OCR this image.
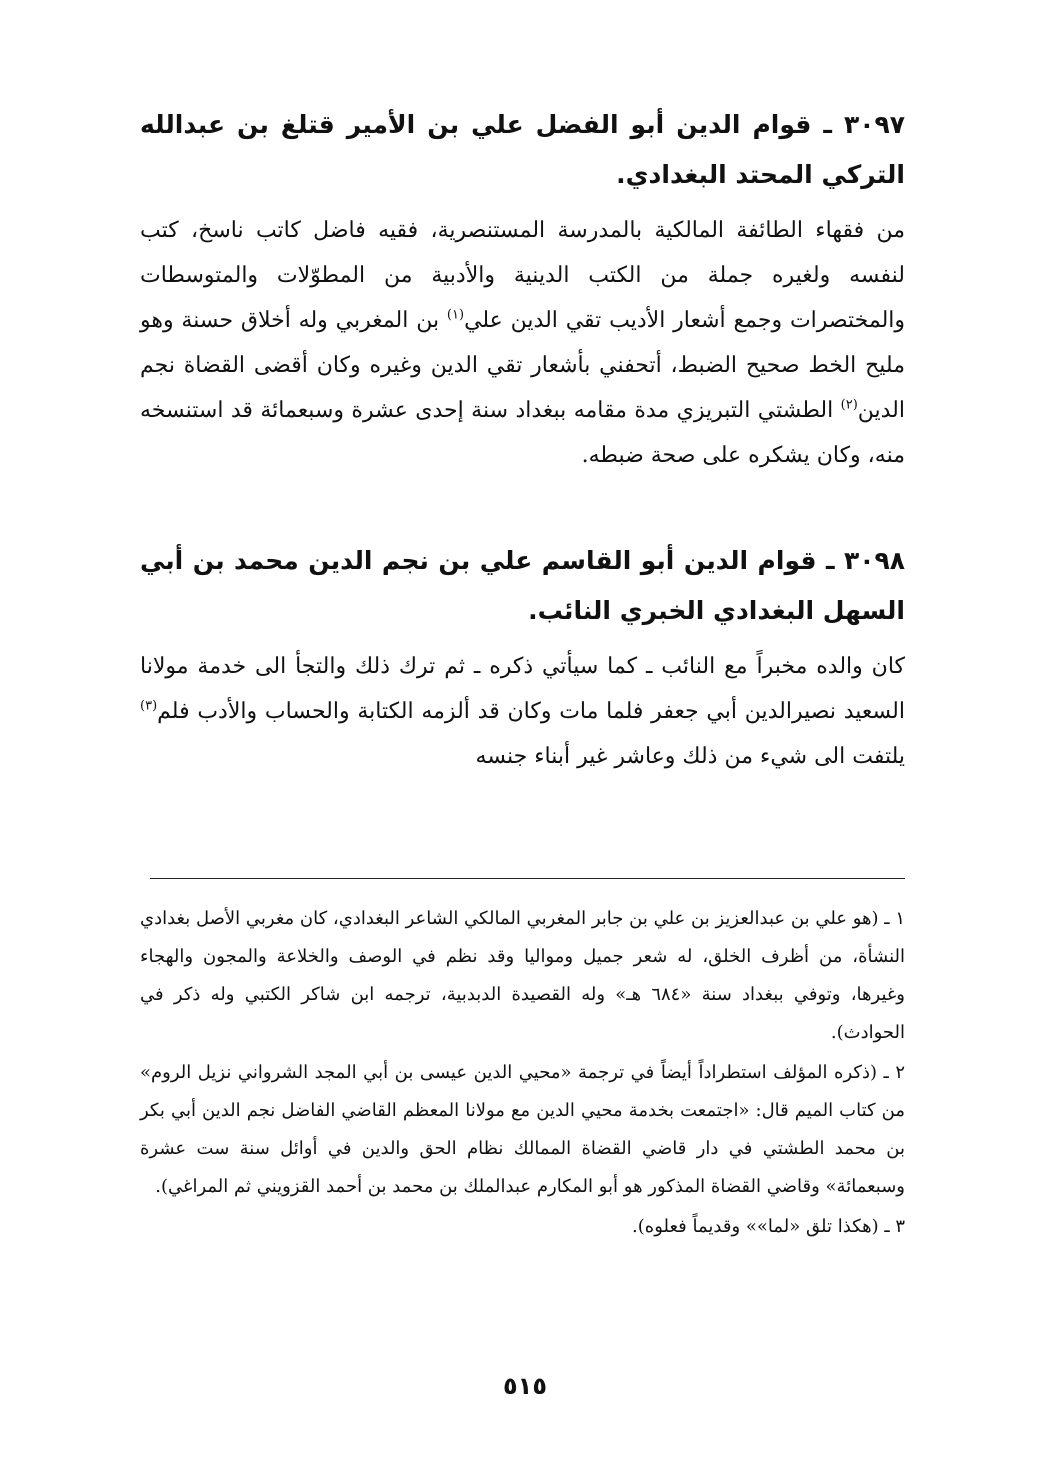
٣٠٩٧ ـ قوام الدين أبو الفضل علي بن الأمير قتلغ بن عبدالله التركي المحتد البغدادي.

من فقهاء الطائفة المالكية بالمدرسة المستنصرية، فقيه فاضل كاتب ناسخ، كتب لنفسه ولغيره جملة من الكتب الدينية والأدبية من المطوّلات والمتوسطات والمختصرات وجمع أشعار الأديب تقي الدين علي$^{(١)}$ بن المغربي وله أخلاق حسنة وهو مليح الخط صحيح الضبط، أتحفني بأشعار تقي الدين وغيره وكان أقضى القضاة نجم الدين$^{(٢)}$ الطشتي التبريزي مدة مقامه ببغداد سنة إحدى عشرة وسبعمائة قد استنسخه منه، وكان يشكره على صحة ضبطه.

٣٠٩٨ ـ قوام الدين أبو القاسم علي بن نجم الدين محمد بن أبي السهل البغدادي الخبري النائب.

كان والده مخبراً مع النائب ـ كما سيأتي ذكره ـ ثم ترك ذلك والتجأ الى خدمة مولانا السعيد نصيرالدين أبي جعفر فلما مات وكان قد ألزمه الكتابة والحساب والأدب فلم$^{(٣)}$ يلتفت الى شيء من ذلك وعاشر غير أبناء جنسه

١ ـ (هو علي بن عبدالعزيز بن علي بن جابر المغربي المالكي الشاعر البغدادي، كان مغربي الأصل بغدادي النشأة، من أظرف الخلق، له شعر جميل ومواليا وقد نظم في الوصف والخلاعة والمجون والهجاء وغيرها، وتوفي ببغداد سنة «٦٨٤ هـ» وله القصيدة الدبدبية، ترجمه ابن شاكر الكتبي وله ذكر في الحوادث).

٢ ـ (ذكره المؤلف استطراداً أيضاً في ترجمة «محيي الدين عيسى بن أبي المجد الشرواني نزيل الروم» من كتاب الميم قال: «اجتمعت بخدمة محيي الدين مع مولانا المعظم القاضي الفاضل نجم الدين أبي بكر بن محمد الطشتي في دار قاضي القضاة الممالك نظام الحق والدين في أوائل سنة ست عشرة وسبعمائة» وقاضي القضاة المذكور هو أبو المكارم عبدالملك بن محمد بن أحمد القزويني ثم المراغي).

٣ ـ (هكذا تلق «لما»» وقديماً فعلوه).

٥١٥
